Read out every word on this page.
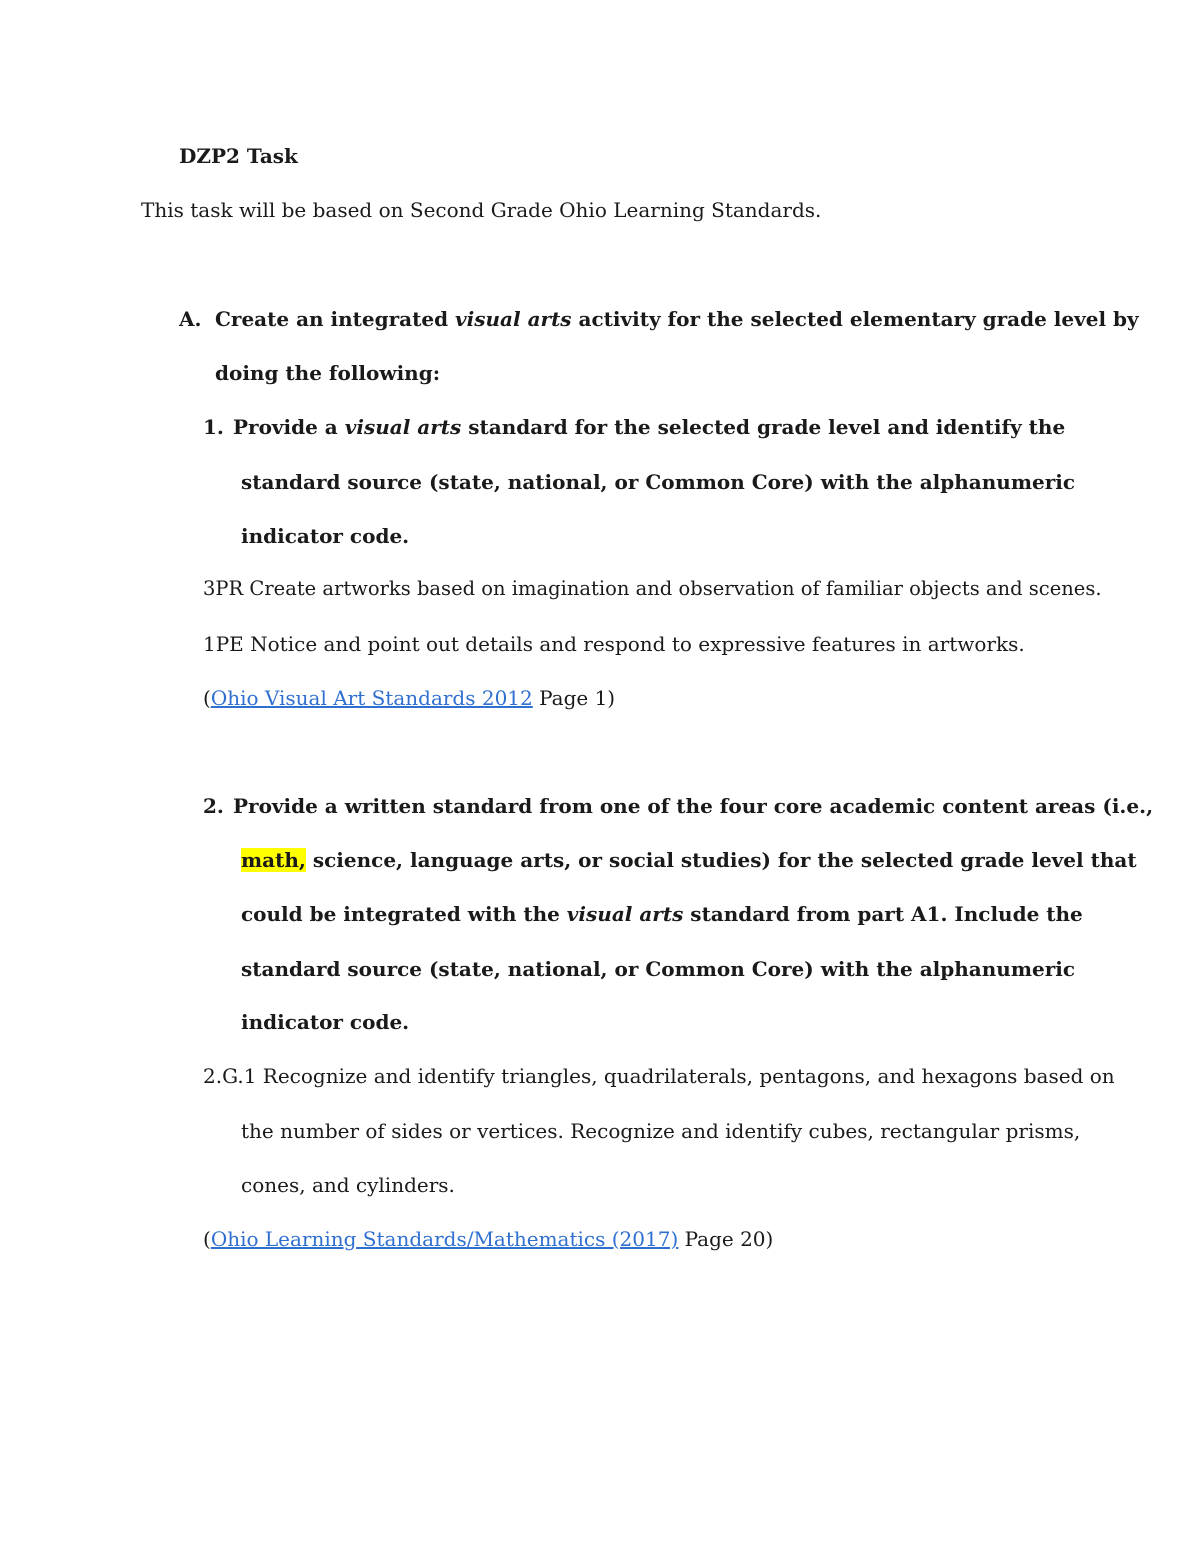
DZP2 Task
This task will be based on Second Grade Ohio Learning Standards.
A. Create an integrated visual arts activity for the selected elementary grade level by
doing the following:
1. Provide a visual arts standard for the selected grade level and identify the
standard source (state, national, or Common Core) with the alphanumeric
indicator code.
3PR Create artworks based on imagination and observation of familiar objects and scenes.
1PE Notice and point out details and respond to expressive features in artworks.
(Ohio Visual Art Standards 2012 Page 1)
2. Provide a written standard from one of the four core academic content areas (i.e.,
math, science, language arts, or social studies) for the selected grade level that
could be integrated with the visual arts standard from part A1. Include the
standard source (state, national, or Common Core) with the alphanumeric
indicator code.
2.G.1 Recognize and identify triangles, quadrilaterals, pentagons, and hexagons based on
the number of sides or vertices. Recognize and identify cubes, rectangular prisms,
cones, and cylinders.
(Ohio Learning Standards/Mathematics (2017) Page 20)
